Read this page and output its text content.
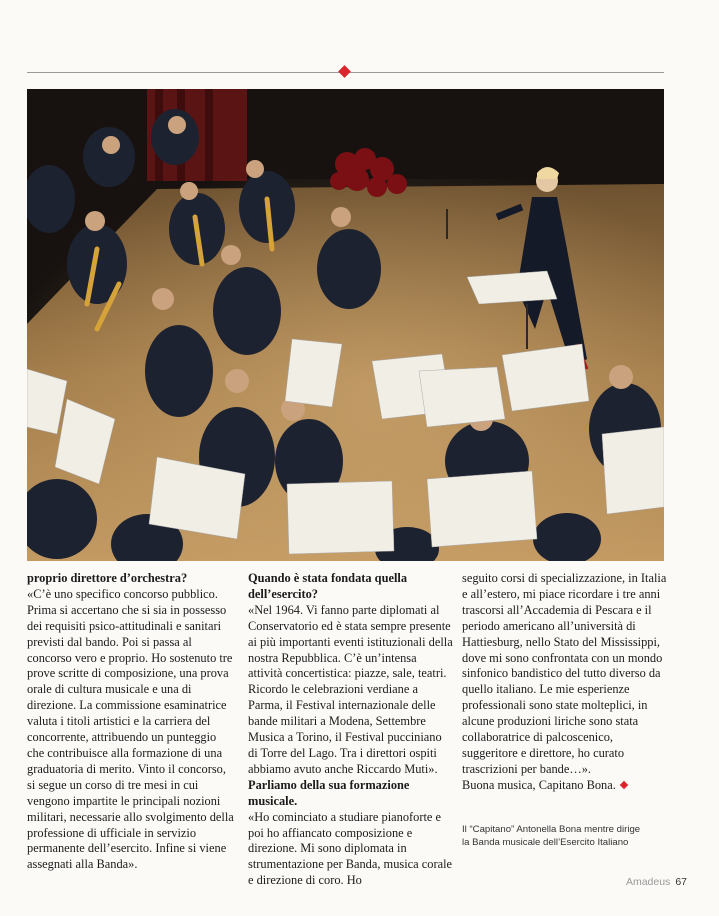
proprio direttore d’orchestra?

«C’è uno specifico concorso pubblico. Prima si accertano che si sia in possesso dei requisiti psico-attitudinali e sanitari previsti dal bando. Poi si passa al concorso vero e proprio. Ho sostenuto tre prove scritte di composizione, una prova orale di cultura musicale e una di direzione. La commissione esaminatrice valuta i titoli artistici e la carriera del concorrente, attribuendo un punteggio che contribuisce alla formazione di una graduatoria di merito. Vinto il concorso, si segue un corso di tre mesi in cui vengono impartite le principali nozioni militari, necessarie allo svolgimento della professione di ufficiale in servizio permanente dell’esercito. Infine si viene assegnati alla Banda».

Quando è stata fondata quella dell’esercito?

«Nel 1964. Vi fanno parte diplomati al Conservatorio ed è stata sempre presente ai più importanti eventi istituzionali della nostra Repubblica. C’è un’intensa attività concertistica: piazze, sale, teatri. Ricordo le celebrazioni verdiane a Parma, il Festival internazionale delle bande militari a Modena, Settembre Musica a Torino, il Festival pucciniano di Torre del Lago. Tra i direttori ospiti abbiamo avuto anche Riccardo Muti».

Parliamo della sua formazione musicale.

«Ho cominciato a studiare pianoforte e poi ho affiancato composizione e direzione. Mi sono diplomata in strumentazione per Banda, musica corale e direzione di coro. Ho

seguito corsi di specializzazione, in Italia e all’estero, mi piace ricordare i tre anni trascorsi all’Accademia di Pescara e il periodo americano all’università di Hattiesburg, nello Stato del Mississippi, dove mi sono confrontata con un mondo sinfonico bandistico del tutto diverso da quello italiano. Le mie esperienze professionali sono state molteplici, in alcune produzioni liriche sono stata collaboratrice di palcoscenico, suggeritore e direttore, ho curato trascrizioni per bande…».

Buona musica, Capitano Bona.

Il “Capitano” Antonella Bona mentre dirige

la Banda musicale dell’Esercito Italiano

Amadeus 67
